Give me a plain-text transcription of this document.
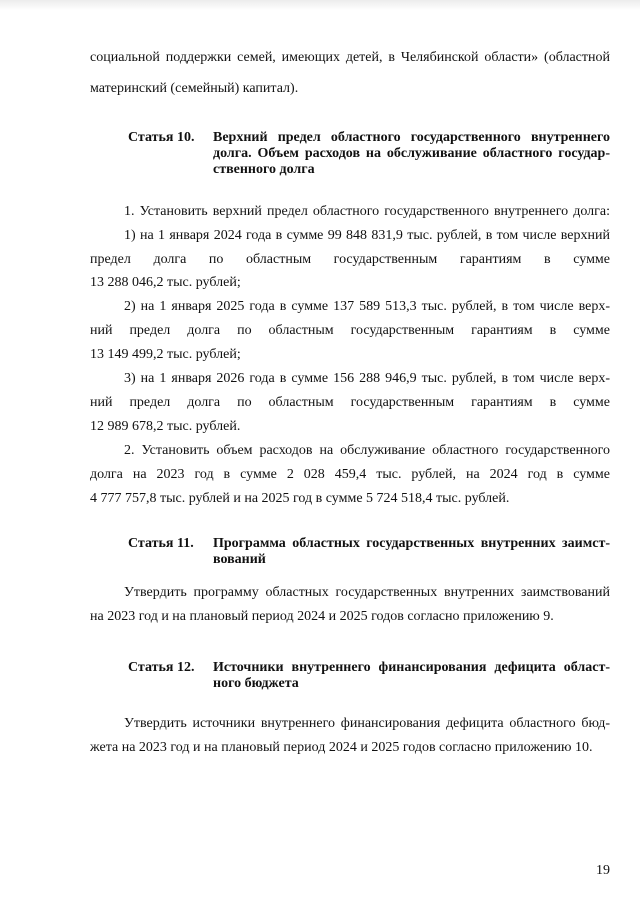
социальной поддержки семей, имеющих детей, в Челябинской области» (областной
материнский (семейный) капитал).
Статья 10. Верхний предел областного государственного внутреннего
долга. Объем расходов на обслуживание областного государ-
ственного долга
1. Установить верхний предел областного государственного внутреннего долга:
1) на 1 января 2024 года в сумме 99 848 831,9 тыс. рублей, в том числе верхний
предел долга по областным государственным гарантиям в сумме
13 288 046,2 тыс. рублей;
2) на 1 января 2025 года в сумме 137 589 513,3 тыс. рублей, в том числе верх-
ний предел долга по областным государственным гарантиям в сумме
13 149 499,2 тыс. рублей;
3) на 1 января 2026 года в сумме 156 288 946,9 тыс. рублей, в том числе верх-
ний предел долга по областным государственным гарантиям в сумме
12 989 678,2 тыс. рублей.
2. Установить объем расходов на обслуживание областного государственного
долга на 2023 год в сумме 2 028 459,4 тыс. рублей, на 2024 год в сумме
4 777 757,8 тыс. рублей и на 2025 год в сумме 5 724 518,4 тыс. рублей.
Статья 11. Программа областных государственных внутренних заимст-
вований
Утвердить программу областных государственных внутренних заимствований
на 2023 год и на плановый период 2024 и 2025 годов согласно приложению 9.
Статья 12. Источники внутреннего финансирования дефицита област-
ного бюджета
Утвердить источники внутреннего финансирования дефицита областного бюд-
жета на 2023 год и на плановый период 2024 и 2025 годов согласно приложению 10.
19
